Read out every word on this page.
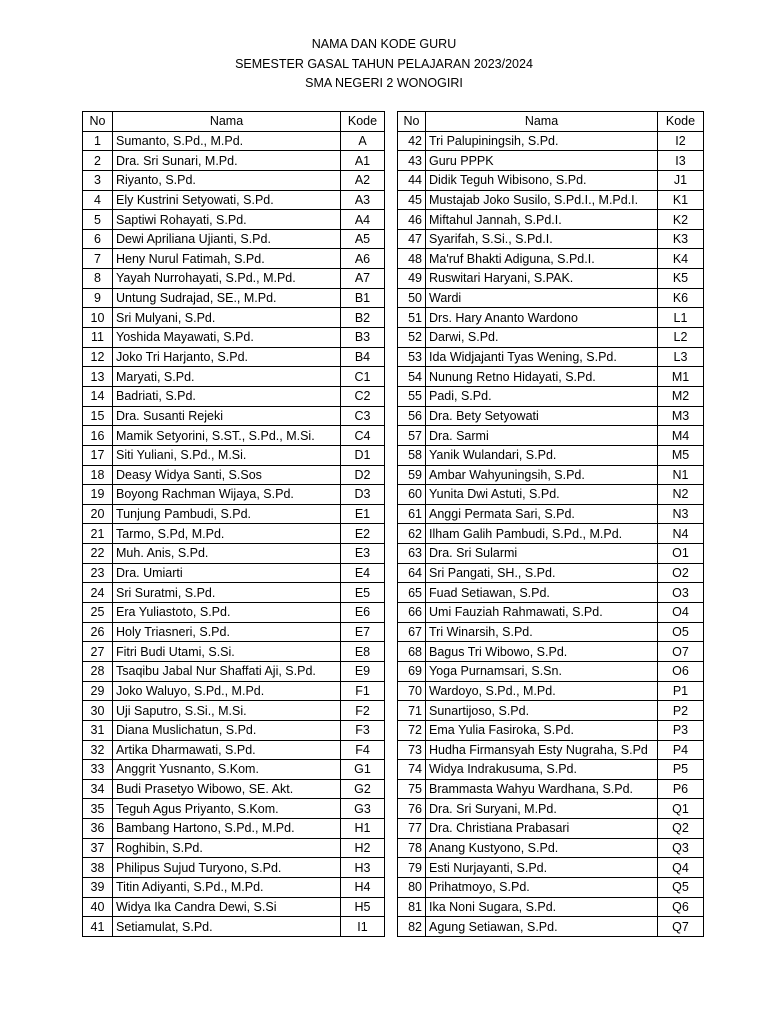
NAMA DAN KODE GURU
SEMESTER GASAL TAHUN PELAJARAN 2023/2024
SMA NEGERI 2 WONOGIRI
No	Nama	Kode
1	Sumanto, S.Pd., M.Pd.	A
2	Dra. Sri Sunari, M.Pd.	A1
3	Riyanto, S.Pd.	A2
4	Ely Kustrini Setyowati, S.Pd.	A3
5	Saptiwi Rohayati, S.Pd.	A4
6	Dewi Apriliana Ujianti, S.Pd.	A5
7	Heny Nurul Fatimah, S.Pd.	A6
8	Yayah Nurrohayati, S.Pd., M.Pd.	A7
9	Untung Sudrajad, SE., M.Pd.	B1
10	Sri Mulyani, S.Pd.	B2
11	Yoshida Mayawati, S.Pd.	B3
12	Joko Tri Harjanto, S.Pd.	B4
13	Maryati, S.Pd.	C1
14	Badriati, S.Pd.	C2
15	Dra. Susanti Rejeki	C3
16	Mamik Setyorini, S.ST., S.Pd., M.Si.	C4
17	Siti Yuliani, S.Pd., M.Si.	D1
18	Deasy Widya Santi, S.Sos	D2
19	Boyong Rachman Wijaya, S.Pd.	D3
20	Tunjung Pambudi, S.Pd.	E1
21	Tarmo, S.Pd, M.Pd.	E2
22	Muh. Anis, S.Pd.	E3
23	Dra. Umiarti	E4
24	Sri Suratmi, S.Pd.	E5
25	Era Yuliastoto, S.Pd.	E6
26	Holy Triasneri, S.Pd.	E7
27	Fitri Budi Utami, S.Si.	E8
28	Tsaqibu Jabal Nur Shaffati Aji, S.Pd.	E9
29	Joko Waluyo, S.Pd., M.Pd.	F1
30	Uji Saputro, S.Si., M.Si.	F2
31	Diana Muslichatun, S.Pd.	F3
32	Artika Dharmawati, S.Pd.	F4
33	Anggrit Yusnanto, S.Kom.	G1
34	Budi Prasetyo Wibowo, SE. Akt.	G2
35	Teguh Agus Priyanto, S.Kom.	G3
36	Bambang Hartono, S.Pd., M.Pd.	H1
37	Roghibin, S.Pd.	H2
38	Philipus Sujud Turyono, S.Pd.	H3
39	Titin Adiyanti, S.Pd., M.Pd.	H4
40	Widya Ika Candra Dewi, S.Si	H5
41	Setiamulat, S.Pd.	I1
No	Nama	Kode
42	Tri Palupiningsih, S.Pd.	I2
43	Guru PPPK	I3
44	Didik Teguh Wibisono, S.Pd.	J1
45	Mustajab Joko Susilo, S.Pd.I., M.Pd.I.	K1
46	Miftahul Jannah, S.Pd.I.	K2
47	Syarifah, S.Si., S.Pd.I.	K3
48	Ma'ruf Bhakti Adiguna, S.Pd.I.	K4
49	Ruswitari Haryani, S.PAK.	K5
50	Wardi	K6
51	Drs. Hary Ananto Wardono	L1
52	Darwi, S.Pd.	L2
53	Ida Widjajanti Tyas Wening, S.Pd.	L3
54	Nunung Retno Hidayati, S.Pd.	M1
55	Padi, S.Pd.	M2
56	Dra. Bety Setyowati	M3
57	Dra. Sarmi	M4
58	Yanik Wulandari, S.Pd.	M5
59	Ambar Wahyuningsih, S.Pd.	N1
60	Yunita Dwi Astuti, S.Pd.	N2
61	Anggi Permata Sari, S.Pd.	N3
62	Ilham Galih Pambudi, S.Pd., M.Pd.	N4
63	Dra. Sri Sularmi	O1
64	Sri Pangati, SH., S.Pd.	O2
65	Fuad Setiawan, S.Pd.	O3
66	Umi Fauziah Rahmawati, S.Pd.	O4
67	Tri Winarsih, S.Pd.	O5
68	Bagus Tri Wibowo, S.Pd.	O7
69	Yoga Purnamsari, S.Sn.	O6
70	Wardoyo, S.Pd., M.Pd.	P1
71	Sunartijoso, S.Pd.	P2
72	Ema Yulia Fasiroka, S.Pd.	P3
73	Hudha Firmansyah Esty Nugraha, S.Pd	P4
74	Widya Indrakusuma, S.Pd.	P5
75	Brammasta Wahyu Wardhana, S.Pd.	P6
76	Dra. Sri Suryani, M.Pd.	Q1
77	Dra. Christiana Prabasari	Q2
78	Anang Kustyono, S.Pd.	Q3
79	Esti Nurjayanti, S.Pd.	Q4
80	Prihatmoyo, S.Pd.	Q5
81	Ika Noni Sugara, S.Pd.	Q6
82	Agung Setiawan, S.Pd.	Q7
